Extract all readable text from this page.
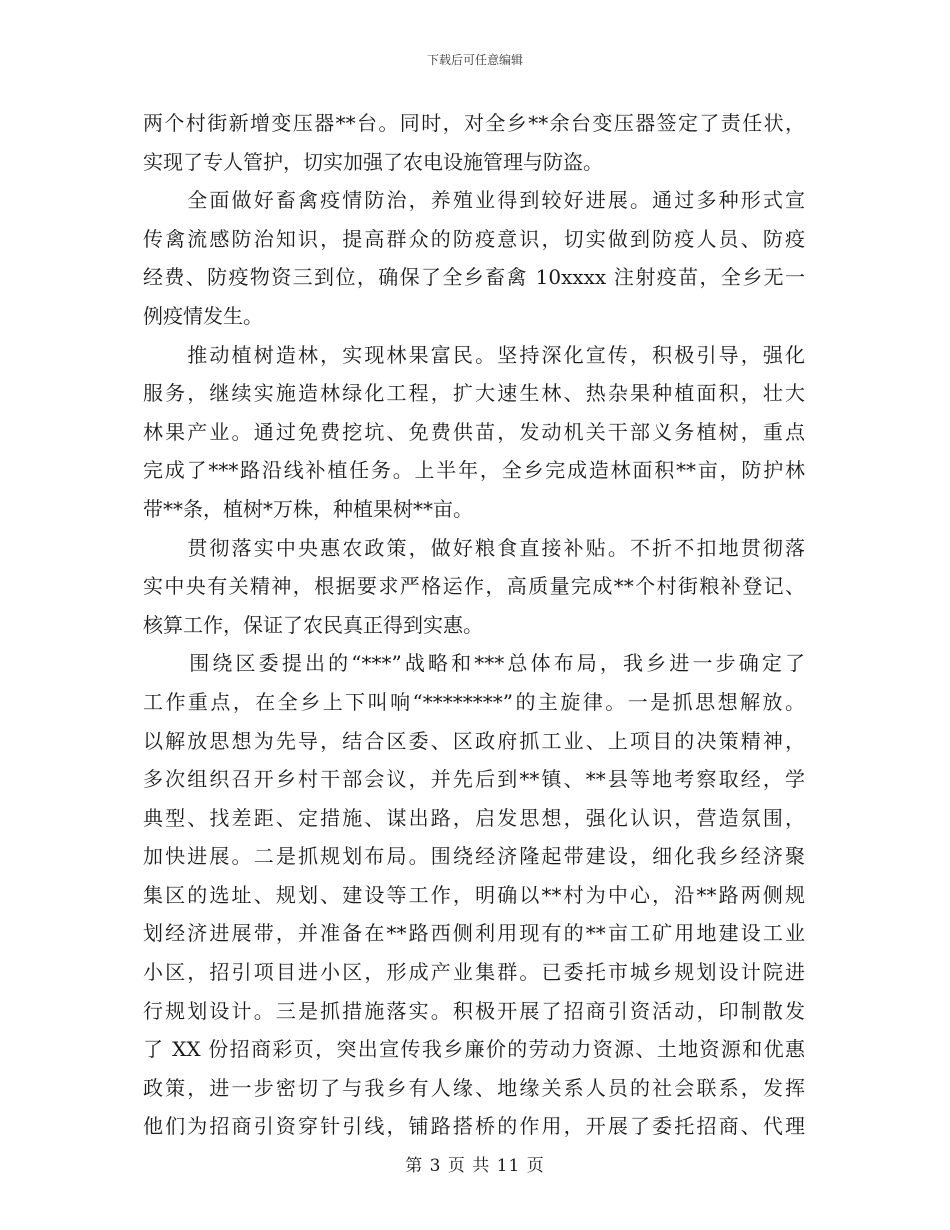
下载后可任意编辑
两个村街新增变压器**台。同时，对全乡**余台变压器签定了责任状，
实现了专人管护，切实加强了农电设施管理与防盗。
　　全面做好畜禽疫情防治，养殖业得到较好进展。通过多种形式宣
传禽流感防治知识，提高群众的防疫意识，切实做到防疫人员、防疫
经费、防疫物资三到位，确保了全乡畜禽 10xxxx 注射疫苗，全乡无一
例疫情发生。
　　推动植树造林，实现林果富民。坚持深化宣传，积极引导，强化
服务，继续实施造林绿化工程，扩大速生林、热杂果种植面积，壮大
林果产业。通过免费挖坑、免费供苗，发动机关干部义务植树，重点
完成了***路沿线补植任务。上半年，全乡完成造林面积**亩，防护林
带**条，植树*万株，种植果树**亩。
　　贯彻落实中央惠农政策，做好粮食直接补贴。不折不扣地贯彻落
实中央有关精神，根据要求严格运作，高质量完成**个村街粮补登记、
核算工作，保证了农民真正得到实惠。
　　围绕区委提出的“***”战略和***总体布局，我乡进一步确定了
工作重点，在全乡上下叫响“********”的主旋律。一是抓思想解放。
以解放思想为先导，结合区委、区政府抓工业、上项目的决策精神，
多次组织召开乡村干部会议，并先后到**镇、**县等地考察取经，学
典型、找差距、定措施、谋出路，启发思想，强化认识，营造氛围，
加快进展。二是抓规划布局。围绕经济隆起带建设，细化我乡经济聚
集区的选址、规划、建设等工作，明确以**村为中心，沿**路两侧规
划经济进展带，并准备在**路西侧利用现有的**亩工矿用地建设工业
小区，招引项目进小区，形成产业集群。已委托市城乡规划设计院进
行规划设计。三是抓措施落实。积极开展了招商引资活动，印制散发
了 XX 份招商彩页，突出宣传我乡廉价的劳动力资源、土地资源和优惠
政策，进一步密切了与我乡有人缘、地缘关系人员的社会联系，发挥
他们为招商引资穿针引线，铺路搭桥的作用，开展了委托招商、代理
第 3 页 共 11 页
